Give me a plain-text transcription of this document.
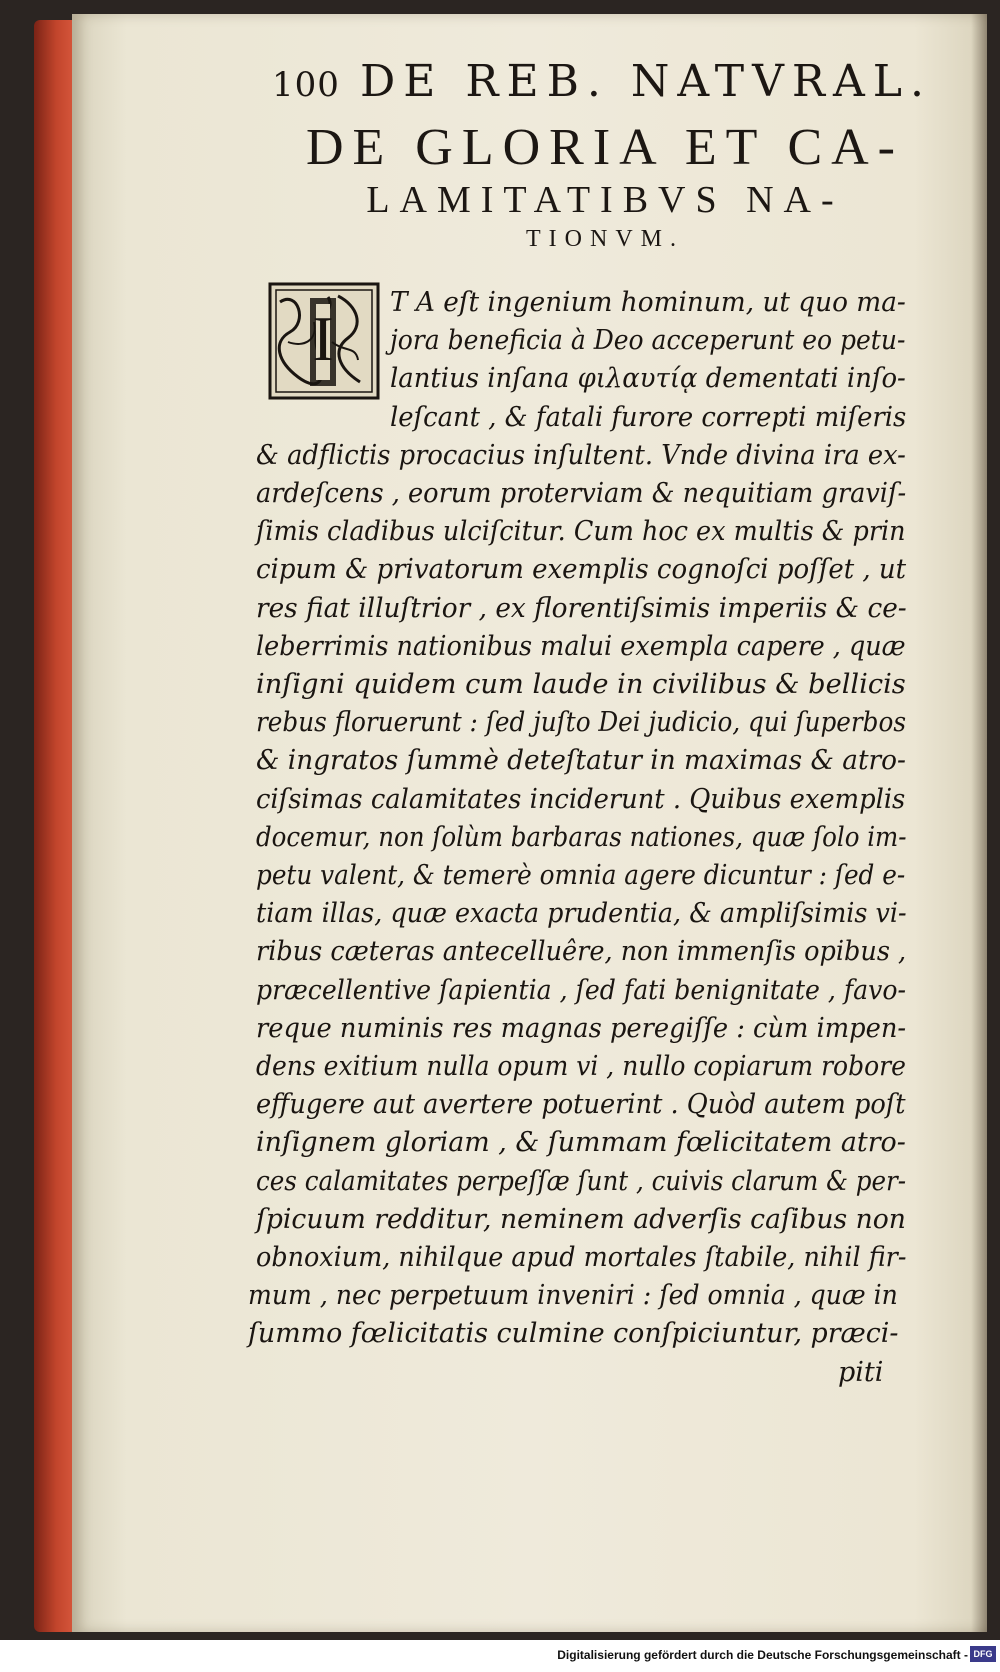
100 DE REB. NATVRAL.
DE GLORIA ET CA-
LAMITATIBVS NA-
TIONVM.
I
T A eſt ingenium hominum, ut quo ma-
jora beneficia à Deo acceperunt eo petu-
lantius inſana φιλαυτίᾳ dementati inſo-
leſcant , & fatali furore correpti miſeris
& adflictis procacius inſultent. Vnde divina ira ex-
ardeſcens , eorum proterviam & nequitiam graviſ-
ſimis cladibus ulciſcitur. Cum hoc ex multis & prin
cipum & privatorum exemplis cognoſci poſſet , ut
res fiat illuſtrior , ex florentiſsimis imperiis & ce-
leberrimis nationibus malui exempla capere , quæ
inſigni quidem cum laude in civilibus & bellicis
rebus floruerunt : ſed juſto Dei judicio, qui ſuperbos
& ingratos ſummè deteſtatur in maximas & atro-
ciſsimas calamitates inciderunt . Quibus exemplis
docemur, non ſolùm barbaras nationes, quæ ſolo im-
petu valent, & temerè omnia agere dicuntur : ſed e-
tiam illas, quæ exacta prudentia, & ampliſsimis vi-
ribus cæteras antecelluêre, non immenſis opibus ,
præcellentive ſapientia , ſed fati benignitate , favo-
reque numinis res magnas peregiſſe : cùm impen-
dens exitium nulla opum vi , nullo copiarum robore
effugere aut avertere potuerint . Quòd autem poſt
inſignem gloriam , & ſummam fœlicitatem atro-
ces calamitates perpeſſæ ſunt , cuivis clarum & per-
ſpicuum redditur, neminem adverſis caſibus non
obnoxium, nihilque apud mortales ſtabile, nihil fir-
mum , nec perpetuum inveniri : ſed omnia , quæ in
ſummo fœlicitatis culmine conſpiciuntur, præci-
piti
Digitalisierung gefördert durch die Deutsche Forschungsgemeinschaft - DFG
